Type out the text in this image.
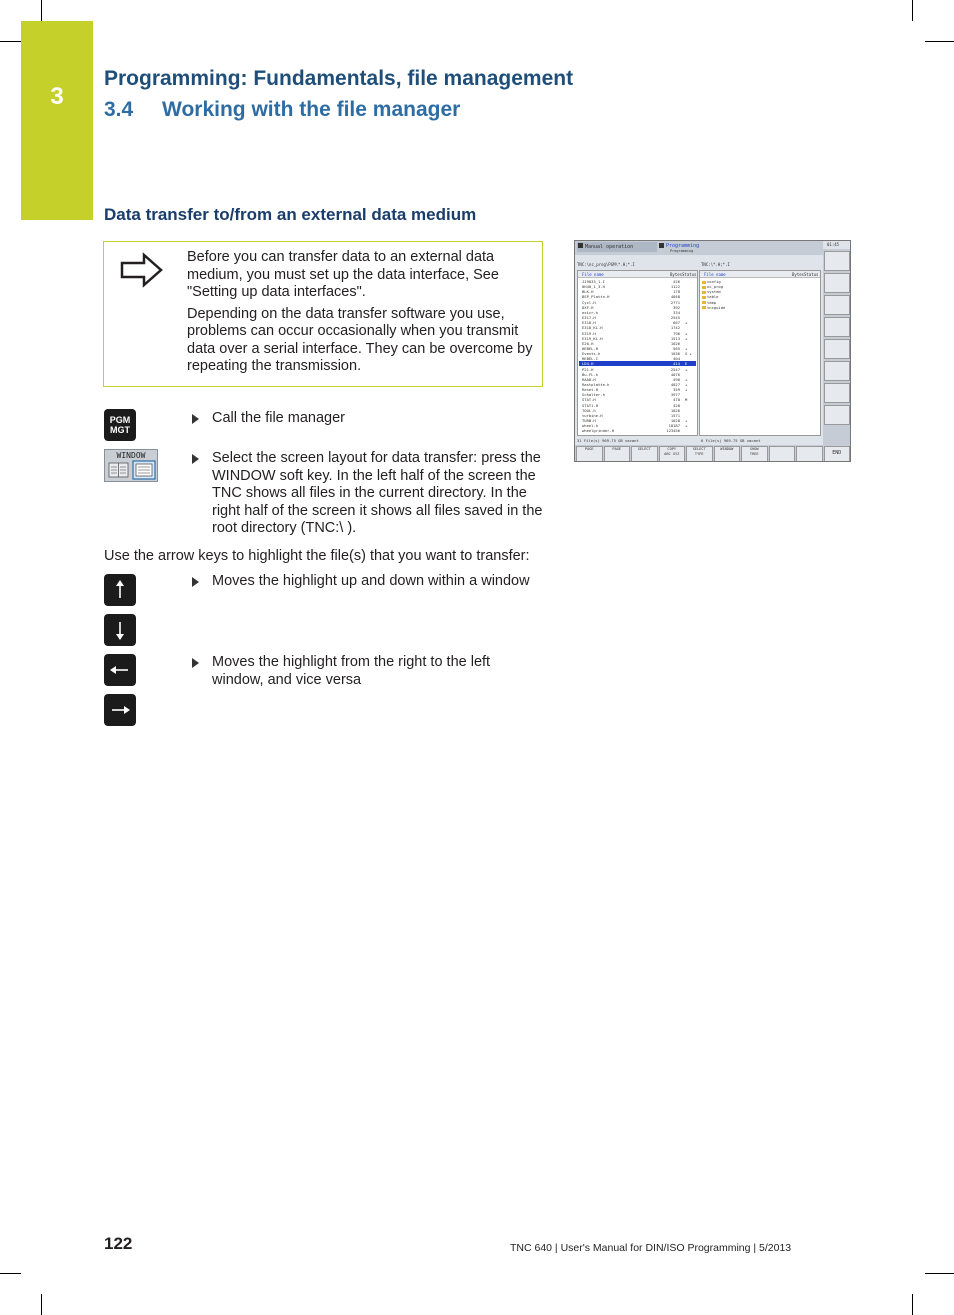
3
Programming: Fundamentals, file management
3.4 Working with the file manager
Data transfer to/from an external data medium

Before you can transfer data to an external data medium, you must set up the data interface, See "Setting up data interfaces".

Depending on the data transfer software you use, problems can occur occasionally when you transmit data over a serial interface. They can be overcome by repeating the transmission.

PGM
MGT
Call the file manager
WINDOW	Select the screen layout for data transfer: press the WINDOW soft key. In the left half of the screen the TNC shows all files in the current directory. In the right half of the screen it shows all files saved in the root directory (TNC:\ ).
Use the arrow keys to highlight the file(s) that you want to transfer:
Moves the highlight up and down within a window
Moves the highlight from the right to the left window, and vice versa
Manual operation	Programming
Programming
01:45
TNC:\nc_prog\PGM\*.H;*.I	TNC:\*.H;*.I
File name	Bytes Status
JJ9033_1.I	426
0H40_1_3.H	1122
BLK.H	178
BSP_Plattn.H	4048
Cycl.H	2771
DXF.H	392
exicr.h	334
E317.H	2545
E318.H	667 +
E318_KL.H	1742
E319.H	796 +
E319_KL.H	1513 +
E20.H	1026
HEBEL.H	565 +
Events.h	1036 S +
HEBEL.I	404
LD4.H	414 E
P21.H	2547 +
Bu-FL.h	4076
RAAD.H	490 +
Rastplatte.h	4027 +
Reset.H	359 +
Schalter.h	3977
STAT.H	478 M
STAT1.H	428
TOOL.h	1026
turbine.H	1571
TURB.H	1028 +
wheel.h	18187 +
wheelgrinder.H	123456
File name	Bytes Status
config
nc_prog
system
table
temp
tncguide
31 File(s) 969.75 GB vacant	6 File(s) 969.75 GB vacant
PAGE	PAGE	SELECT	COPY
ABC XYZ
SELECT
TYPE
WINDOW	SHOW
TREE	END
122	TNC 640 | User's Manual for DIN/ISO Programming | 5/2013
